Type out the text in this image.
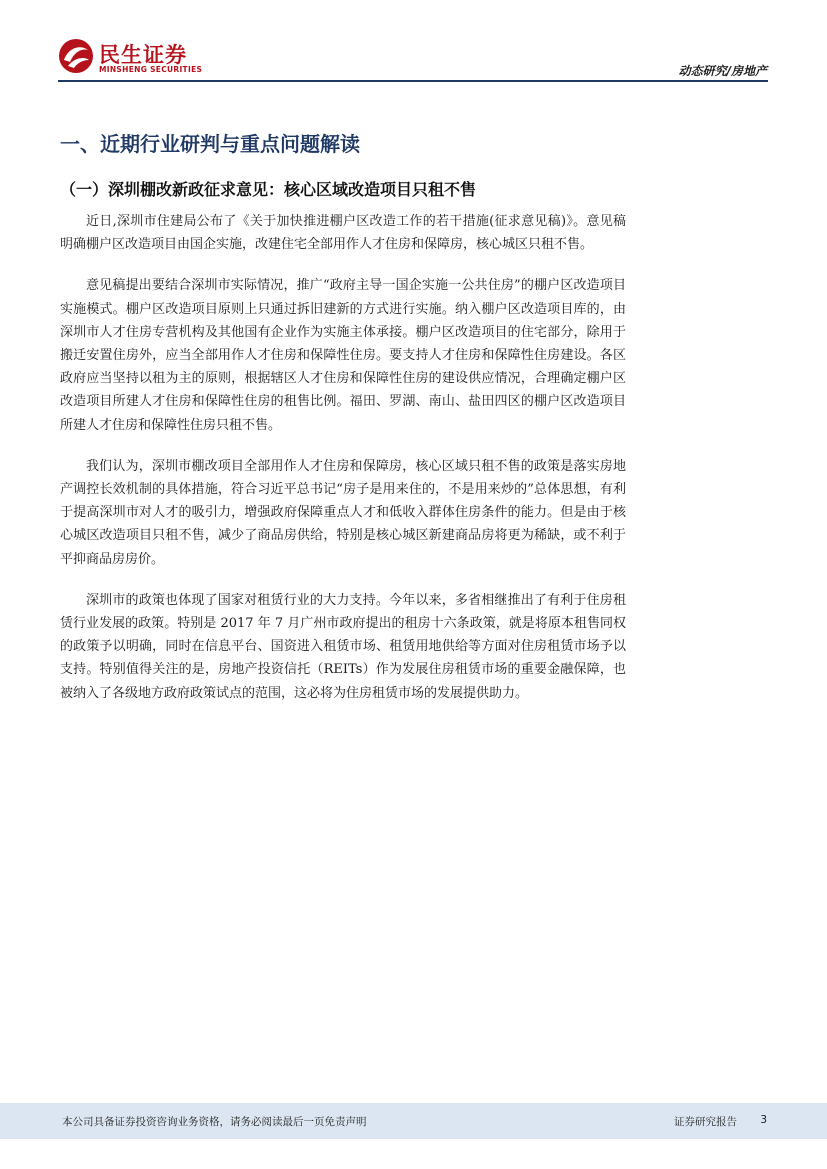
民生证券
MINSHENG SECURITIES	动态研究/房地产
一、近期行业研判与重点问题解读
（一）深圳棚改新政征求意见：核心区域改造项目只租不售

近日,深圳市住建局公布了《关于加快推进棚户区改造工作的若干措施(征求意见稿)》。意见稿明确棚户区改造项目由国企实施，改建住宅全部用作人才住房和保障房，核心城区只租不售。

意见稿提出要结合深圳市实际情况，推广“政府主导一国企实施一公共住房”的棚户区改造项目实施模式。棚户区改造项目原则上只通过拆旧建新的方式进行实施。纳入棚户区改造项目库的，由深圳市人才住房专营机构及其他国有企业作为实施主体承接。棚户区改造项目的住宅部分，除用于搬迁安置住房外，应当全部用作人才住房和保障性住房。要支持人才住房和保障性住房建设。各区政府应当坚持以租为主的原则，根据辖区人才住房和保障性住房的建设供应情况，合理确定棚户区改造项目所建人才住房和保障性住房的租售比例。福田、罗湖、南山、盐田四区的棚户区改造项目所建人才住房和保障性住房只租不售。

我们认为，深圳市棚改项目全部用作人才住房和保障房，核心区域只租不售的政策是落实房地产调控长效机制的具体措施，符合习近平总书记“房子是用来住的，不是用来炒的”总体思想，有利于提高深圳市对人才的吸引力，增强政府保障重点人才和低收入群体住房条件的能力。但是由于核心城区改造项目只租不售，减少了商品房供给，特别是核心城区新建商品房将更为稀缺，或不利于平抑商品房房价。

深圳市的政策也体现了国家对租赁行业的大力支持。今年以来，多省相继推出了有利于住房租赁行业发展的政策。特别是 2017 年 7 月广州市政府提出的租房十六条政策，就是将原本租售同权的政策予以明确，同时在信息平台、国资进入租赁市场、租赁用地供给等方面对住房租赁市场予以支持。特别值得关注的是，房地产投资信托（REITs）作为发展住房租赁市场的重要金融保障，也被纳入了各级地方政府政策试点的范围，这必将为住房租赁市场的发展提供助力。

本公司具备证券投资咨询业务资格，请务必阅读最后一页免责声明	证券研究报告 3
